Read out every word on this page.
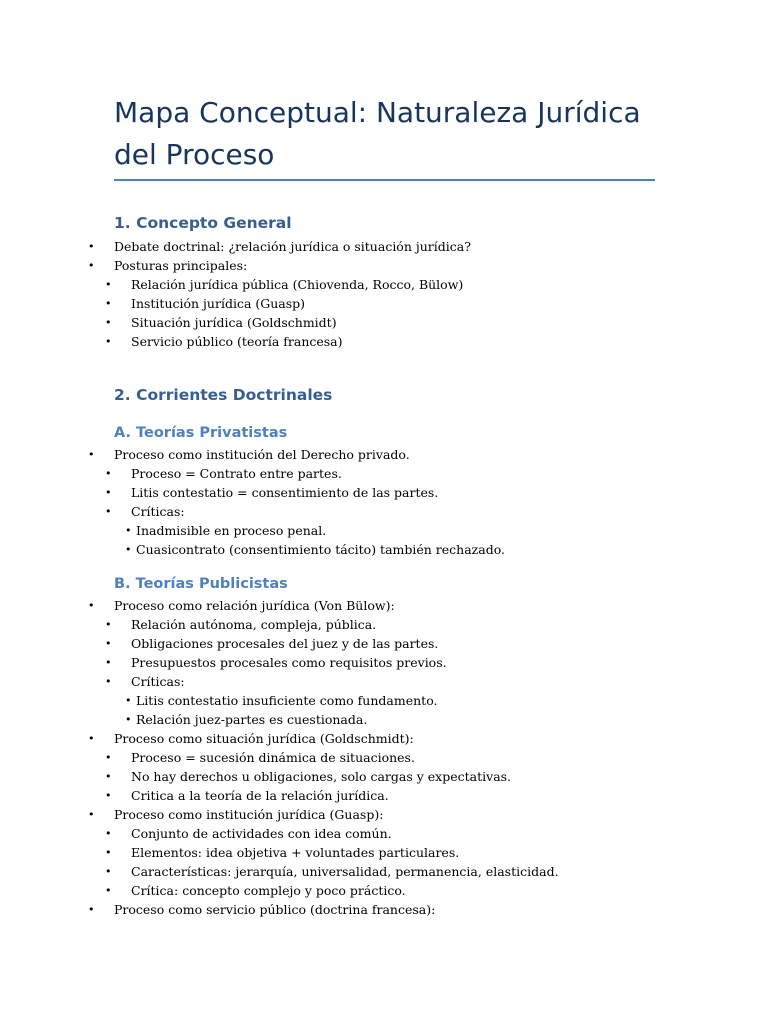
Mapa Conceptual: Naturaleza Jurídica del Proceso
1. Concepto General
• Debate doctrinal: ¿relación jurídica o situación jurídica?
• Posturas principales:
• Relación jurídica pública (Chiovenda, Rocco, Bülow)
• Institución jurídica (Guasp)
• Situación jurídica (Goldschmidt)
• Servicio público (teoría francesa)
2. Corrientes Doctrinales
A. Teorías Privatistas
• Proceso como institución del Derecho privado.
• Proceso = Contrato entre partes.
• Litis contestatio = consentimiento de las partes.
• Críticas:
• Inadmisible en proceso penal.
• Cuasicontrato (consentimiento tácito) también rechazado.
B. Teorías Publicistas
• Proceso como relación jurídica (Von Bülow):
• Relación autónoma, compleja, pública.
• Obligaciones procesales del juez y de las partes.
• Presupuestos procesales como requisitos previos.
• Críticas:
• Litis contestatio insuficiente como fundamento.
• Relación juez-partes es cuestionada.
• Proceso como situación jurídica (Goldschmidt):
• Proceso = sucesión dinámica de situaciones.
• No hay derechos u obligaciones, solo cargas y expectativas.
• Critica a la teoría de la relación jurídica.
• Proceso como institución jurídica (Guasp):
• Conjunto de actividades con idea común.
• Elementos: idea objetiva + voluntades particulares.
• Características: jerarquía, universalidad, permanencia, elasticidad.
• Crítica: concepto complejo y poco práctico.
• Proceso como servicio público (doctrina francesa):
